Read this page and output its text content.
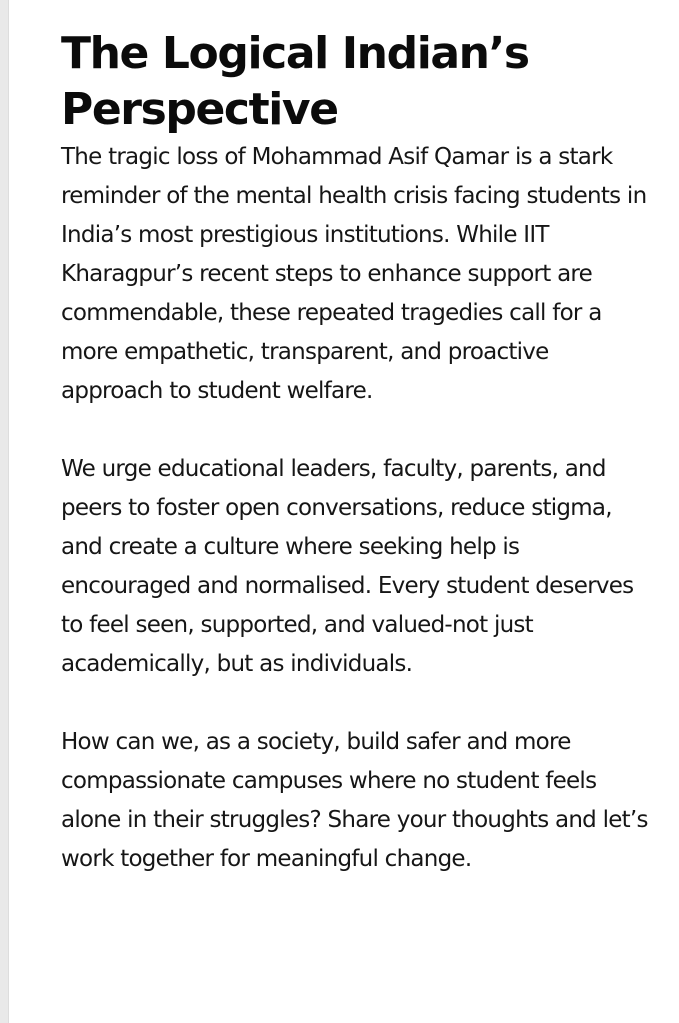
The Logical Indian’s Perspective

The tragic loss of Mohammad Asif Qamar is a stark reminder of the mental health crisis facing students in India’s most prestigious institutions. While IIT Kharagpur’s recent steps to enhance support are commendable, these repeated tragedies call for a more empathetic, transparent, and proactive approach to student welfare.

We urge educational leaders, faculty, parents, and peers to foster open conversations, reduce stigma, and create a culture where seeking help is encouraged and normalised. Every student deserves to feel seen, supported, and valued-not just academically, but as individuals.

How can we, as a society, build safer and more compassionate campuses where no student feels alone in their struggles? Share your thoughts and let’s work together for meaningful change.
